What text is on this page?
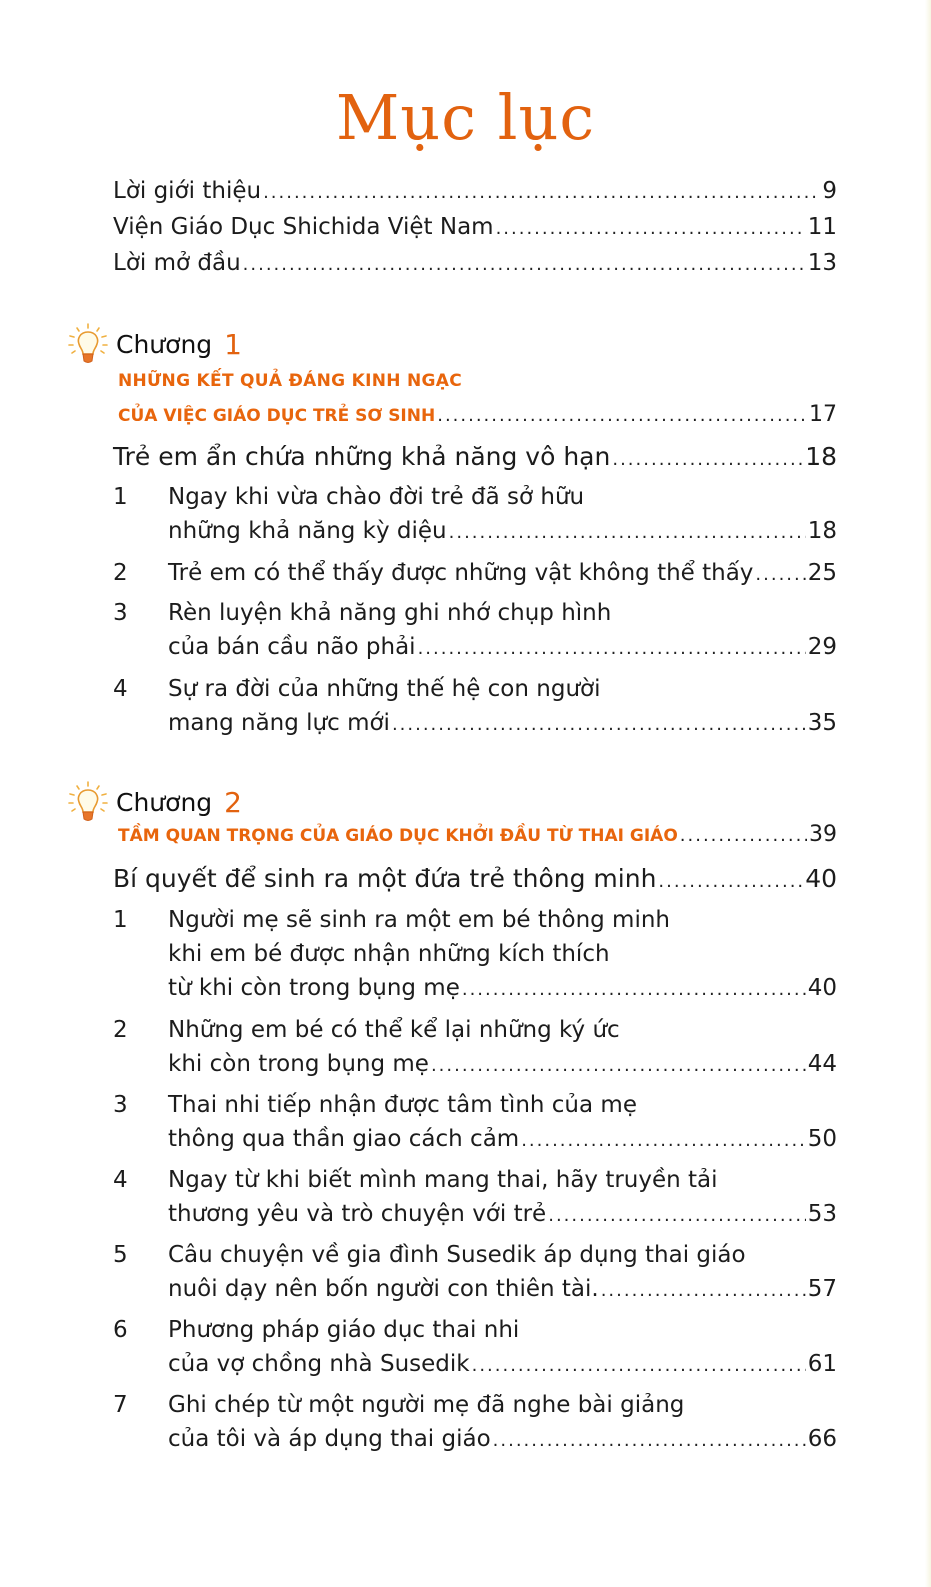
Mục lục
Lời giới thiệu .....	9
Viện Giáo Dục Shichida Việt Nam .....	11
Lời mở đầu .....	13
Chương 1
NHỮNG KẾT QUẢ ĐÁNG KINH NGẠC
CỦA VIỆC GIÁO DỤC TRẺ SƠ SINH .....	17
Trẻ em ẩn chứa những khả năng vô hạn .....	18
1 Ngay khi vừa chào đời trẻ đã sở hữu
những khả năng kỳ diệu .....	18
2 Trẻ em có thể thấy được những vật không thể thấy ..... 25
3 Rèn luyện khả năng ghi nhớ chụp hình
của bán cầu não phải .....	29
4 Sự ra đời của những thế hệ con người
mang năng lực mới .....	35
Chương 2
TẦM QUAN TRỌNG CỦA GIÁO DỤC KHỞI ĐẦU TỪ THAI GIÁO .....	39
Bí quyết để sinh ra một đứa trẻ thông minh .....	40
1 Người mẹ sẽ sinh ra một em bé thông minh
khi em bé được nhận những kích thích
từ khi còn trong bụng mẹ .....	40
2 Những em bé có thể kể lại những ký ức
khi còn trong bụng mẹ .....	44
3 Thai nhi tiếp nhận được tâm tình của mẹ
thông qua thần giao cách cảm .....	50
4 Ngay từ khi biết mình mang thai, hãy truyền tải
thương yêu và trò chuyện với trẻ .....	53
5 Câu chuyện về gia đình Susedik áp dụng thai giáo
nuôi dạy nên bốn người con thiên tài. .....	57
6 Phương pháp giáo dục thai nhi
của vợ chồng nhà Susedik .....	61
7 Ghi chép từ một người mẹ đã nghe bài giảng
của tôi và áp dụng thai giáo .....	66
